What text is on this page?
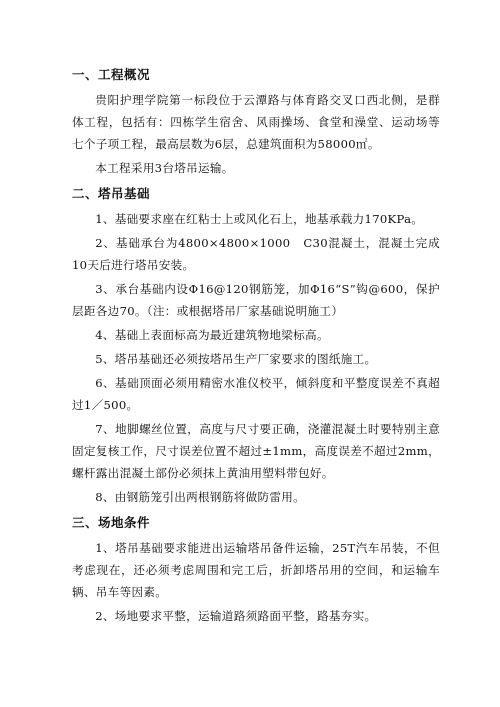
一、工程概况

贵阳护理学院第一标段位于云潭路与体育路交叉口西北侧，是群体工程，包括有：四栋学生宿舍、风雨操场、食堂和澡堂、运动场等七个子项工程，最高层数为6层，总建筑面积为58000㎡。

本工程采用3台塔吊运输。

二、塔吊基础

1、基础要求座在红粘士上或风化石上，地基承载力170KPa。

2、基础承台为4800×4800×1000　C30混凝土，混凝土完成10天后进行塔吊安装。

3、承台基础内设Φ16@120钢筋笼，加Φ16“S”钩@600，保护层距各边70。（注：或根据塔吊厂家基础说明施工）

4、基础上表面标高为最近建筑物地梁标高。

5、塔吊基础还必须按塔吊生产厂家要求的图纸施工。

6、基础顶面必须用精密水准仪校平，倾斜度和平整度误差不真超过1／500。

7、地脚螺丝位置，高度与尺寸要正确，浇灌混凝土时要特别主意固定复核工作，尺寸误差位置不超过±1mm，高度误差不超过2mm，螺杆露出混凝土部份必须抹上黄油用塑料带包好。

8、由钢筋笼引出两根钢筋将做防雷用。

三、场地条件

1、塔吊基础要求能进出运输塔吊备件运输，25T汽车吊装，不但考虑现在，还必须考虑周围和完工后，折卸塔吊用的空间，和运输车辆、吊车等因素。

2、场地要求平整，运输道路须路面平整，路基夯实。
